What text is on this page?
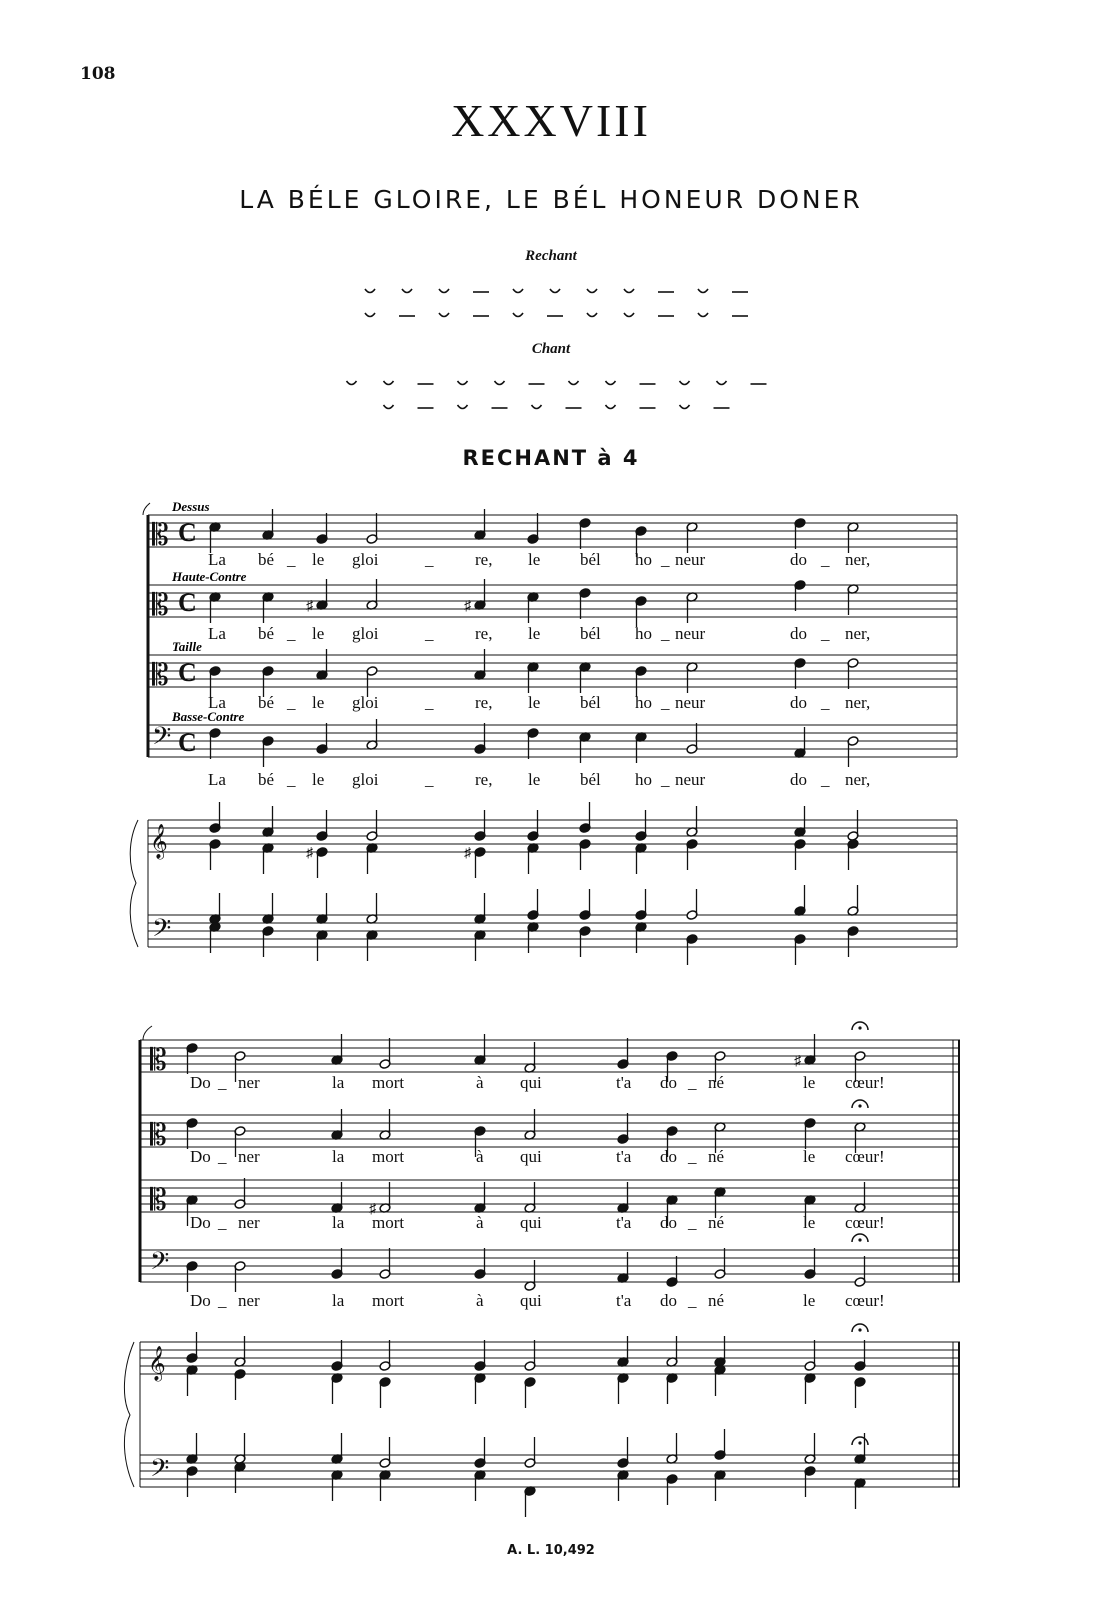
108
XXXVIII
LA BÉLE GLOIRE, LE BÉL HONEUR DONER
Rechant
Chant
RECHANT à 4
Dessus
Haute-Contre
Taille
Basse-Contre
𝄡
𝄡
𝄡
𝄢
𝄞
𝄢
C
C
C
C
♯	♯
♯	♯
La bé _ le gloi	_ re, le bél ho _ neur	do _ ner,
La bé _ le gloi	_ re, le bél ho _ neur	do _ ner,
La bé _ le gloi	_ re, le bél ho _ neur	do _ ner,
La bé _ le gloi	_ re, le bél ho _ neur	do _ ner,
𝄡
𝄡
𝄡
𝄢
𝄞
𝄢
♯
♯
Do _ ner	la mort	à qui	t'a do _ né	le cœur!
Do _ ner	la mort	à qui	t'a do _ né	le cœur!
Do _ ner	la mort	à qui	t'a do _ né	le cœur!
Do _ ner	la mort	à qui	t'a do _ né	le cœur!
A. L. 10,492
